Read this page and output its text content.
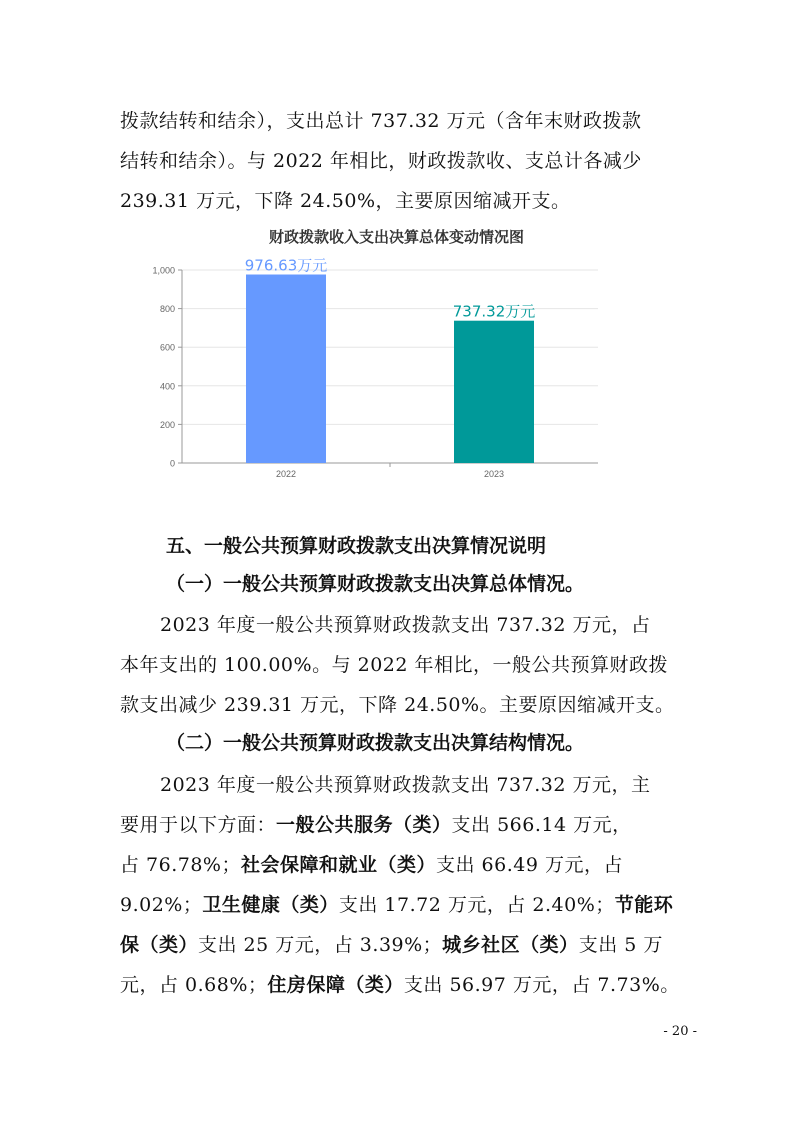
拨款结转和结余），支出总计 737.32 万元（含年末财政拨款
结转和结余）。与 2022 年相比，财政拨款收、支总计各减少
239.31 万元，下降 24.50%，主要原因缩减开支。
财政拨款收入支出决算总体变动情况图
0
200
400
600
800
1,000
2022	2023
976.63万元
737.32万元
五、一般公共预算财政拨款支出决算情况说明
（一）一般公共预算财政拨款支出决算总体情况。
2023 年度一般公共预算财政拨款支出 737.32 万元，占
本年支出的 100.00%。与 2022 年相比，一般公共预算财政拨
款支出减少 239.31 万元，下降 24.50%。主要原因缩减开支。
（二）一般公共预算财政拨款支出决算结构情况。
2023 年度一般公共预算财政拨款支出 737.32 万元，主
要用于以下方面：一般公共服务（类）支出 566.14 万元，
占 76.78%；社会保障和就业（类）支出 66.49 万元，占
9.02%；卫生健康（类）支出 17.72 万元，占 2.40%；节能环
保（类）支出 25 万元，占 3.39%；城乡社区（类）支出 5 万
元，占 0.68%；住房保障（类）支出 56.97 万元，占 7.73%。
- 20 -
